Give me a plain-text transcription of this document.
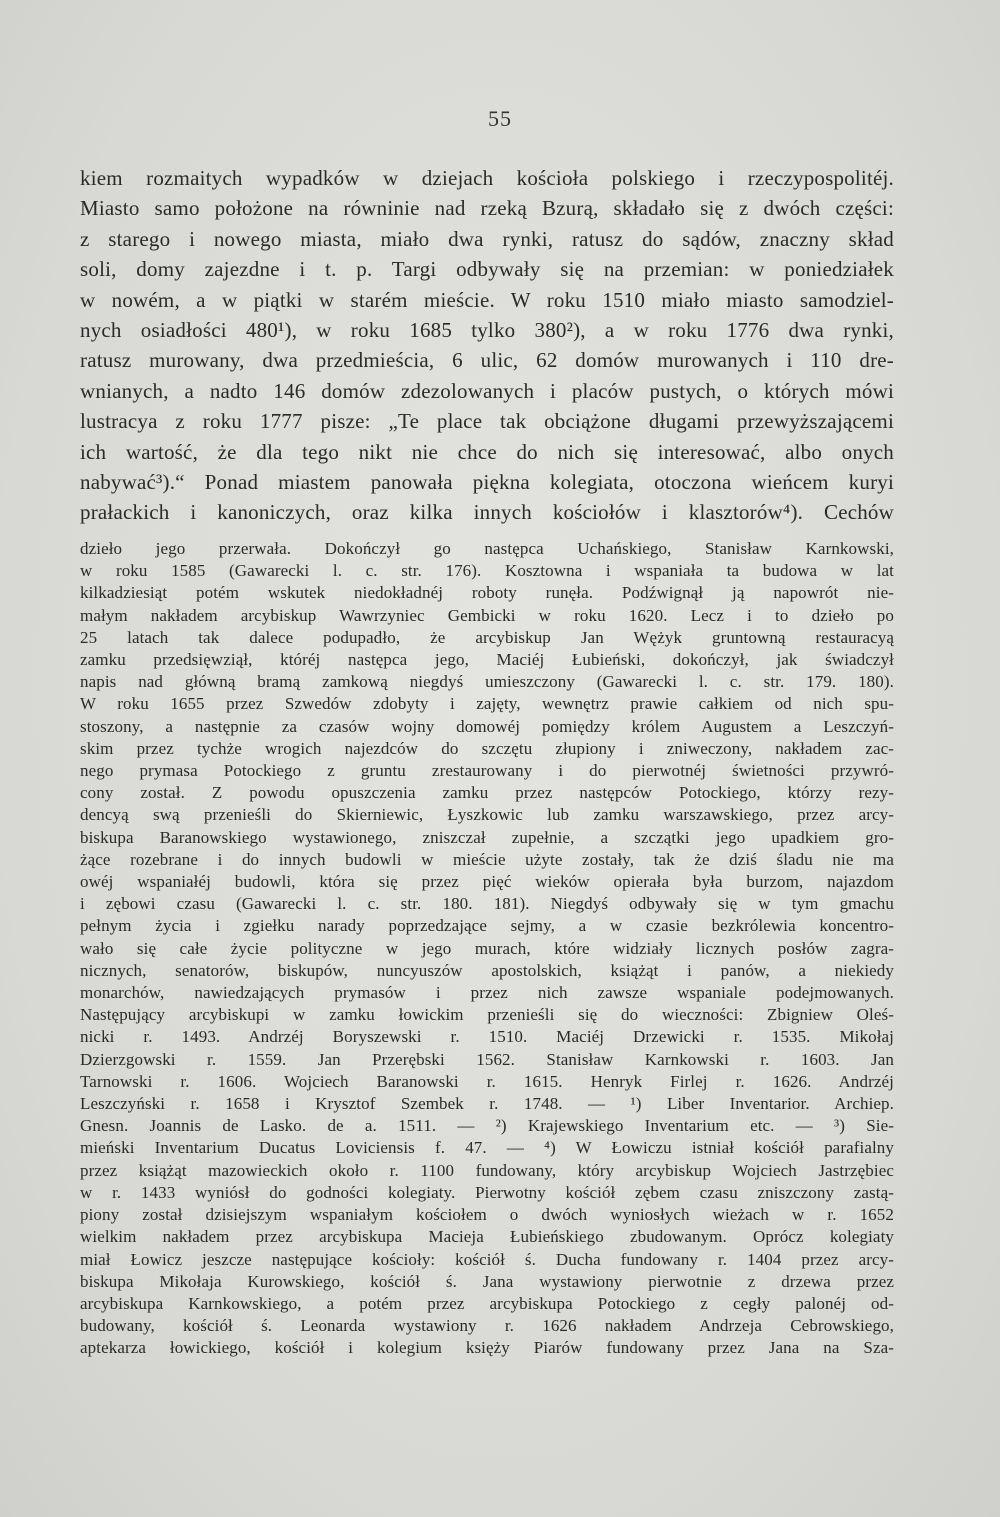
55
kiem rozmaitych wypadków w dziejach kościoła polskiego i rzeczypospolitéj.
Miasto samo położone na równinie nad rzeką Bzurą, składało się z dwóch części:
z starego i nowego miasta, miało dwa rynki, ratusz do sądów, znaczny skład
soli, domy zajezdne i t. p. Targi odbywały się na przemian: w poniedziałek
w nowém, a w piątki w starém mieście. W roku 1510 miało miasto samodziel-
nych osiadłości 480¹), w roku 1685 tylko 380²), a w roku 1776 dwa rynki,
ratusz murowany, dwa przedmieścia, 6 ulic, 62 domów murowanych i 110 dre-
wnianych, a nadto 146 domów zdezolowanych i placów pustych, o których mówi
lustracya z roku 1777 pisze: „Te place tak obciążone długami przewyższającemi
ich wartość, że dla tego nikt nie chce do nich się interesować, albo onych
nabywać³).“ Ponad miastem panowała piękna kolegiata, otoczona wieńcem kuryi
prałackich i kanoniczych, oraz kilka innych kościołów i klasztorów⁴). Cechów
dzieło jego przerwała. Dokończył go następca Uchańskiego, Stanisław Karnkowski,
w roku 1585 (Gawarecki l. c. str. 176). Kosztowna i wspaniała ta budowa w lat
kilkadziesiąt potém wskutek niedokładnéj roboty runęła. Podźwignął ją napowrót nie-
małym nakładem arcybiskup Wawrzyniec Gembicki w roku 1620. Lecz i to dzieło po
25 latach tak dalece podupadło, że arcybiskup Jan Wężyk gruntowną restauracyą
zamku przedsięwziął, któréj następca jego, Maciéj Łubieński, dokończył, jak świadczył
napis nad główną bramą zamkową niegdyś umieszczony (Gawarecki l. c. str. 179. 180).
W roku 1655 przez Szwedów zdobyty i zajęty, wewnętrz prawie całkiem od nich spu-
stoszony, a następnie za czasów wojny domowéj pomiędzy królem Augustem a Leszczyń-
skim przez tychże wrogich najezdców do szczętu złupiony i zniweczony, nakładem zac-
nego prymasa Potockiego z gruntu zrestaurowany i do pierwotnéj świetności przywró-
cony został. Z powodu opuszczenia zamku przez następców Potockiego, którzy rezy-
dencyą swą przenieśli do Skierniewic, Łyszkowic lub zamku warszawskiego, przez arcy-
biskupa Baranowskiego wystawionego, zniszczał zupełnie, a szczątki jego upadkiem gro-
żące rozebrane i do innych budowli w mieście użyte zostały, tak że dziś śladu nie ma
owéj wspaniałéj budowli, która się przez pięć wieków opierała była burzom, najazdom
i zębowi czasu (Gawarecki l. c. str. 180. 181). Niegdyś odbywały się w tym gmachu
pełnym życia i zgiełku narady poprzedzające sejmy, a w czasie bezkrólewia koncentro-
wało się całe życie polityczne w jego murach, które widziały licznych posłów zagra-
nicznych, senatorów, biskupów, nuncyuszów apostolskich, książąt i panów, a niekiedy
monarchów, nawiedzających prymasów i przez nich zawsze wspaniale podejmowanych.
Następujący arcybiskupi w zamku łowickim przenieśli się do wieczności: Zbigniew Oleś-
nicki r. 1493. Andrzéj Boryszewski r. 1510. Maciéj Drzewicki r. 1535. Mikołaj
Dzierzgowski r. 1559. Jan Przerębski 1562. Stanisław Karnkowski r. 1603. Jan
Tarnowski r. 1606. Wojciech Baranowski r. 1615. Henryk Firlej r. 1626. Andrzéj
Leszczyński r. 1658 i Krysztof Szembek r. 1748. — ¹) Liber Inventarior. Archiep.
Gnesn. Joannis de Lasko. de a. 1511. — ²) Krajewskiego Inventarium etc. — ³) Sie-
mieński Inventarium Ducatus Loviciensis f. 47. — ⁴) W Łowiczu istniał kościół parafialny
przez książąt mazowieckich około r. 1100 fundowany, który arcybiskup Wojciech Jastrzębiec
w r. 1433 wyniósł do godności kolegiaty. Pierwotny kościół zębem czasu zniszczony zastą-
piony został dzisiejszym wspaniałym kościołem o dwóch wyniosłych wieżach w r. 1652
wielkim nakładem przez arcybiskupa Macieja Łubieńskiego zbudowanym. Oprócz kolegiaty
miał Łowicz jeszcze następujące kościoły: kościół ś. Ducha fundowany r. 1404 przez arcy-
biskupa Mikołaja Kurowskiego, kościół ś. Jana wystawiony pierwotnie z drzewa przez
arcybiskupa Karnkowskiego, a potém przez arcybiskupa Potockiego z cegły palonéj od-
budowany, kościół ś. Leonarda wystawiony r. 1626 nakładem Andrzeja Cebrowskiego,
aptekarza łowickiego, kościół i kolegium księży Piarów fundowany przez Jana na Sza-
